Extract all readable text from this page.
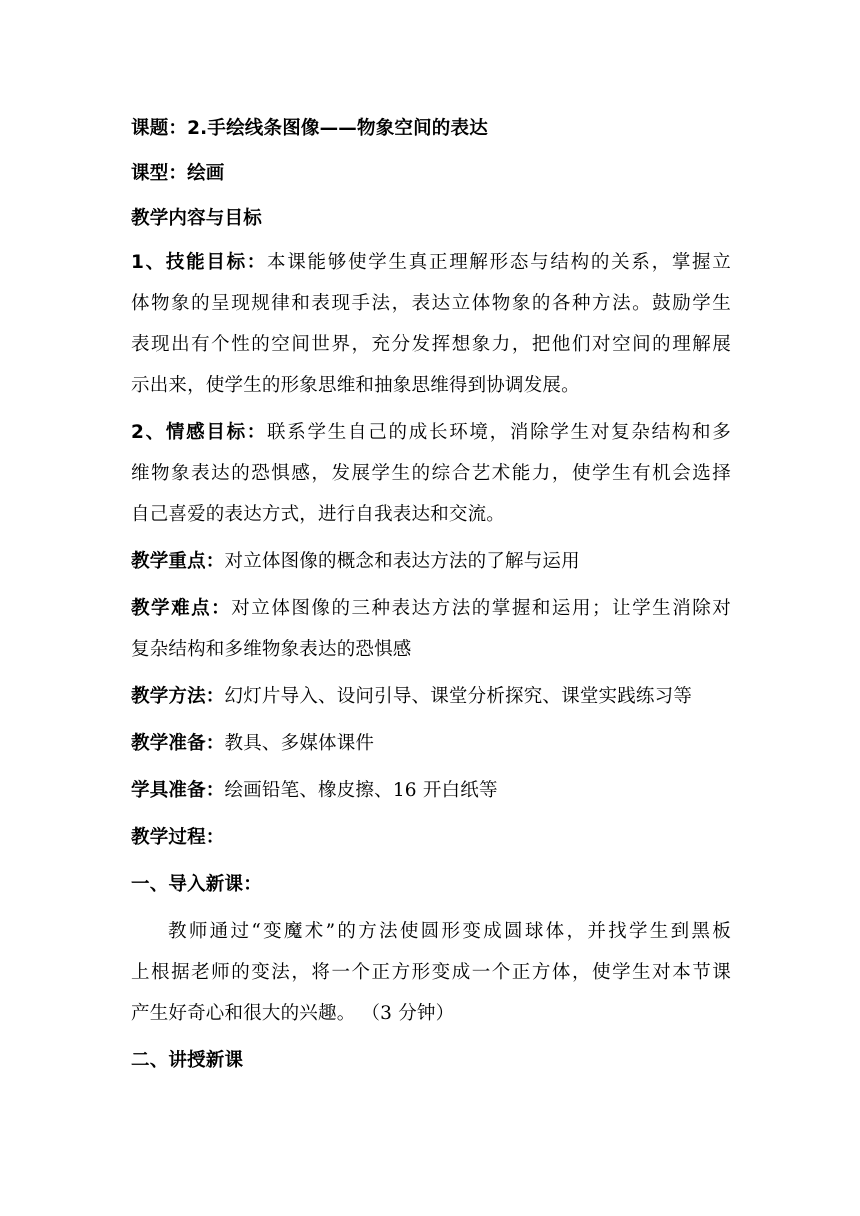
课题：2.手绘线条图像——物象空间的表达
课型：绘画
教学内容与目标
1、技能目标：本课能够使学生真正理解形态与结构的关系，掌握立
体物象的呈现规律和表现手法，表达立体物象的各种方法。鼓励学生
表现出有个性的空间世界，充分发挥想象力，把他们对空间的理解展
示出来，使学生的形象思维和抽象思维得到协调发展。
2、情感目标：联系学生自己的成长环境，消除学生对复杂结构和多
维物象表达的恐惧感，发展学生的综合艺术能力，使学生有机会选择
自己喜爱的表达方式，进行自我表达和交流。
教学重点：对立体图像的概念和表达方法的了解与运用
教学难点：对立体图像的三种表达方法的掌握和运用；让学生消除对
复杂结构和多维物象表达的恐惧感
教学方法：幻灯片导入、设问引导、课堂分析探究、课堂实践练习等
教学准备：教具、多媒体课件
学具准备：绘画铅笔、橡皮擦、16 开白纸等
教学过程：
一、导入新课：
教师通过“变魔术”的方法使圆形变成圆球体，并找学生到黑板
上根据老师的变法，将一个正方形变成一个正方体，使学生对本节课
产生好奇心和很大的兴趣。 （3 分钟）
二、讲授新课
